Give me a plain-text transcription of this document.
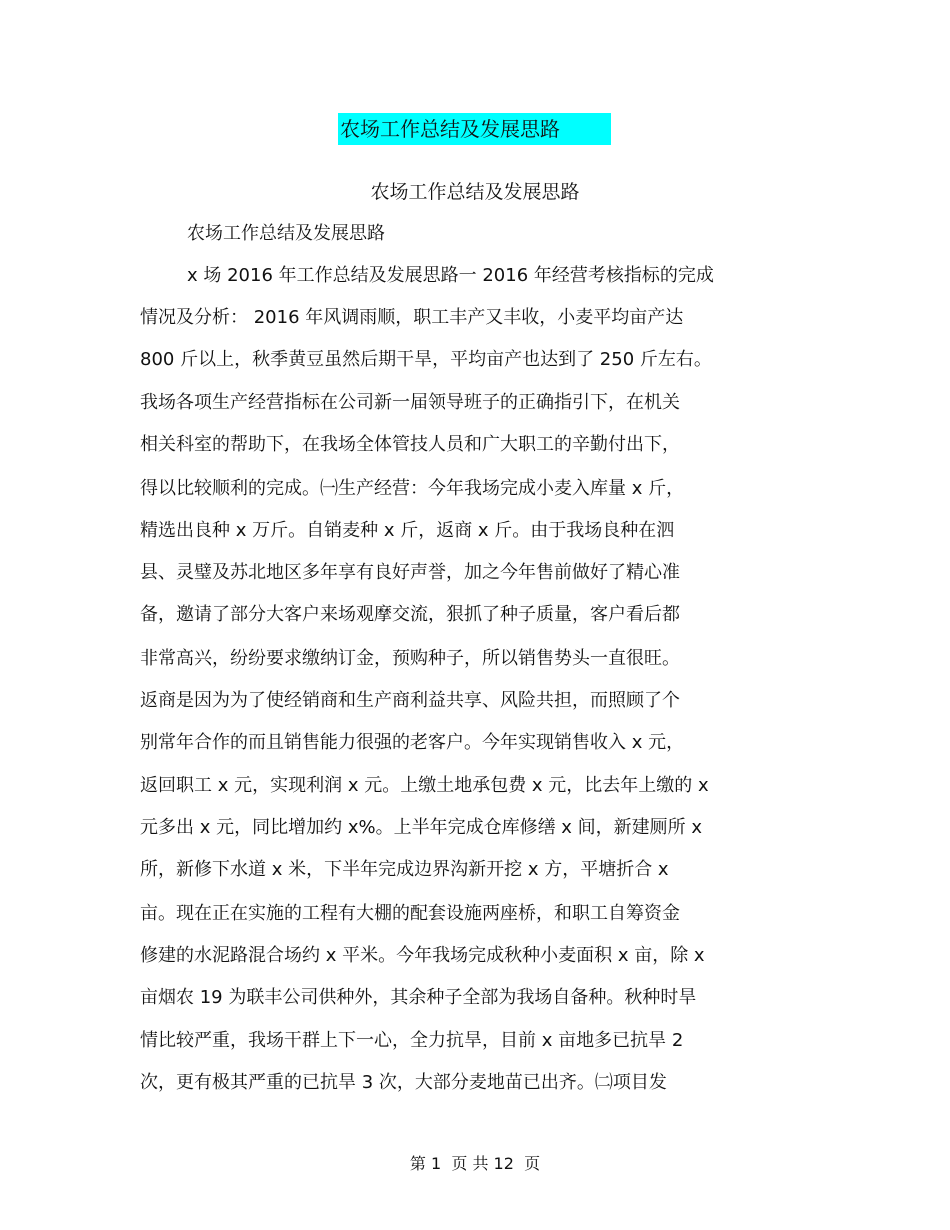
农场工作总结及发展思路
农场工作总结及发展思路
农场工作总结及发展思路
x 场 2016 年工作总结及发展思路一 2016 年经营考核指标的完成
情况及分析： 2016 年风调雨顺，职工丰产又丰收，小麦平均亩产达
800 斤以上，秋季黄豆虽然后期干旱，平均亩产也达到了 250 斤左右。
我场各项生产经营指标在公司新一届领导班子的正确指引下，在机关
相关科室的帮助下，在我场全体管技人员和广大职工的辛勤付出下，
得以比较顺利的完成。㈠生产经营：今年我场完成小麦入库量 x 斤，
精选出良种 x 万斤。自销麦种 x 斤，返商 x 斤。由于我场良种在泗
县、灵璧及苏北地区多年享有良好声誉，加之今年售前做好了精心准
备，邀请了部分大客户来场观摩交流，狠抓了种子质量，客户看后都
非常高兴，纷纷要求缴纳订金，预购种子，所以销售势头一直很旺。
返商是因为为了使经销商和生产商利益共享、风险共担，而照顾了个
别常年合作的而且销售能力很强的老客户。今年实现销售收入 x 元，
返回职工 x 元，实现利润 x 元。上缴土地承包费 x 元，比去年上缴的 x
元多出 x 元，同比增加约 x%。上半年完成仓库修缮 x 间，新建厕所 x
所，新修下水道 x 米，下半年完成边界沟新开挖 x 方，平塘折合 x
亩。现在正在实施的工程有大棚的配套设施两座桥，和职工自筹资金
修建的水泥路混合场约 x 平米。今年我场完成秋种小麦面积 x 亩，除 x
亩烟农 19 为联丰公司供种外，其余种子全部为我场自备种。秋种时旱
情比较严重，我场干群上下一心，全力抗旱，目前 x 亩地多已抗旱 2
次，更有极其严重的已抗旱 3 次，大部分麦地苗已出齐。㈡项目发
第 1  页 共 12  页
